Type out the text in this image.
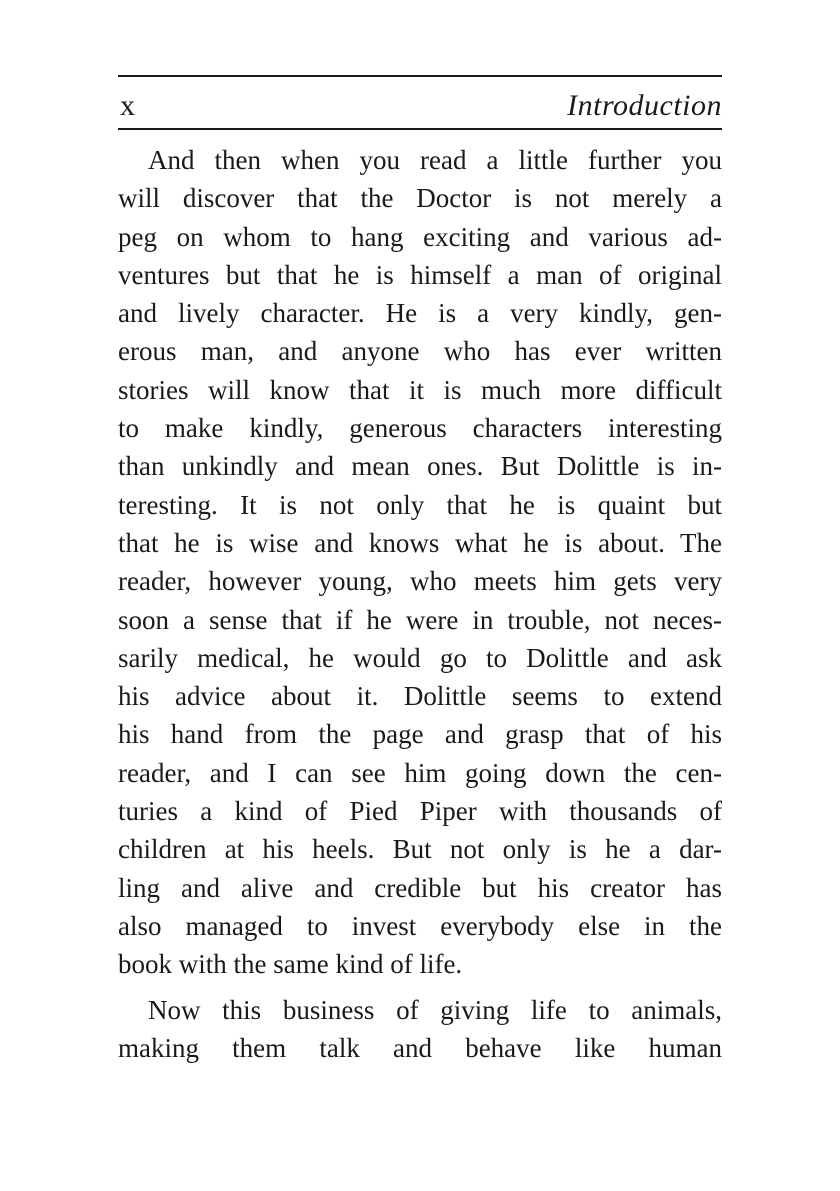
x	Introduction
And then when you read a little further you
will discover that the Doctor is not merely a
peg on whom to hang exciting and various ad-
ventures but that he is himself a man of original
and lively character. He is a very kindly, gen-
erous man, and anyone who has ever written
stories will know that it is much more difficult
to make kindly, generous characters interesting
than unkindly and mean ones. But Dolittle is in-
teresting. It is not only that he is quaint but
that he is wise and knows what he is about. The
reader, however young, who meets him gets very
soon a sense that if he were in trouble, not neces-
sarily medical, he would go to Dolittle and ask
his advice about it. Dolittle seems to extend
his hand from the page and grasp that of his
reader, and I can see him going down the cen-
turies a kind of Pied Piper with thousands of
children at his heels. But not only is he a dar-
ling and alive and credible but his creator has
also managed to invest everybody else in the
book with the same kind of life.
Now this business of giving life to animals,
making them talk and behave like human
